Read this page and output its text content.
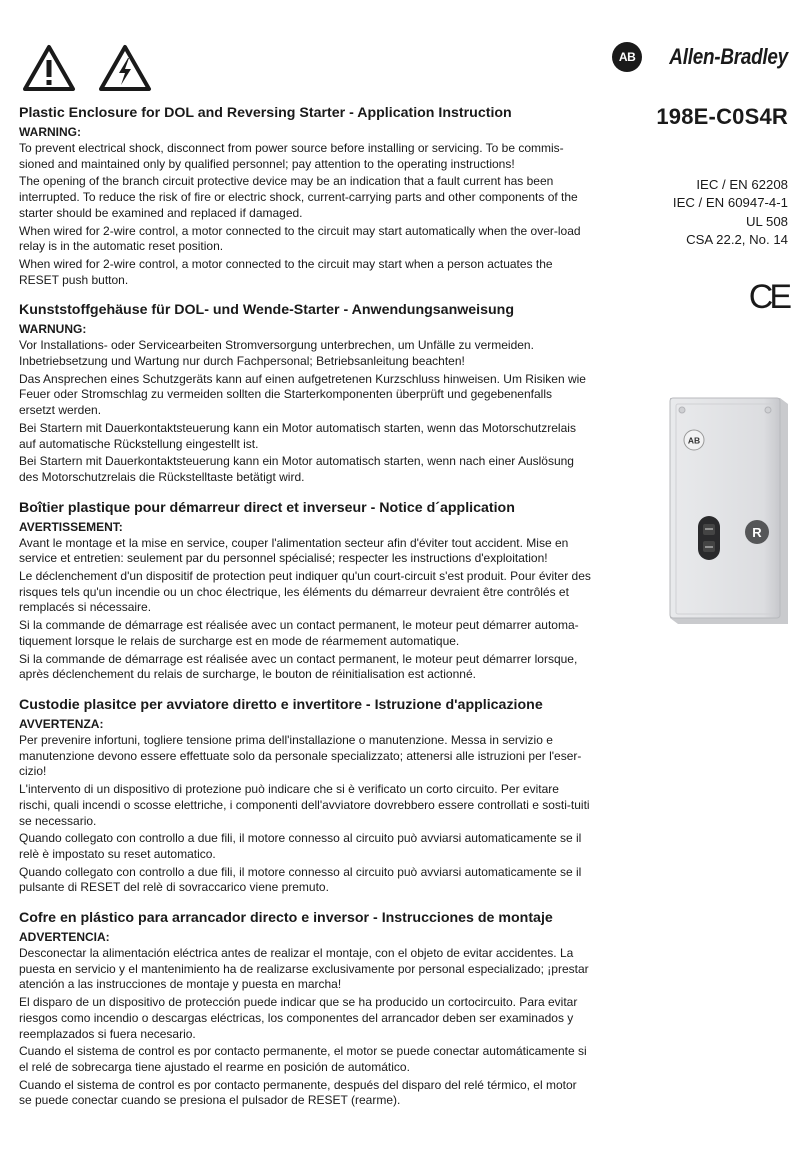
AB	Allen-Bradley
198E-C0S4R
IEC / EN 62208
IEC / EN 60947-4-1
UL 508
CSA 22.2, No. 14
CE
AB
R
Plastic Enclosure for DOL and Reversing Starter - Application Instruction
WARNING:

To prevent electrical shock, disconnect from power source before installing or servicing. To be commis-sioned and maintained only by qualified personnel; pay attention to the operating instructions!

The opening of the branch circuit protective device may be an indication that a fault current has been interrupted. To reduce the risk of fire or electric shock, current-carrying parts and other components of the starter should be examined and replaced if damaged.

When wired for 2-wire control, a motor connected to the circuit may start automatically when the over-load relay is in the automatic reset position.

When wired for 2-wire control, a motor connected to the circuit may start when a person actuates the RESET push button.

Kunststoffgehäuse für DOL- und Wende-Starter - Anwendungsanweisung
WARNUNG:

Vor Installations- oder Servicearbeiten Stromversorgung unterbrechen, um Unfälle zu vermeiden. Inbetriebsetzung und Wartung nur durch Fachpersonal; Betriebsanleitung beachten!

Das Ansprechen eines Schutzgeräts kann auf einen aufgetretenen Kurzschluss hinweisen. Um Risiken wie Feuer oder Stromschlag zu vermeiden sollten die Starterkomponenten überprüft und gegebenenfalls ersetzt werden.

Bei Startern mit Dauerkontaktsteuerung kann ein Motor automatisch starten, wenn das Motorschutzrelais auf automatische Rückstellung eingestellt ist.

Bei Startern mit Dauerkontaktsteuerung kann ein Motor automatisch starten, wenn nach einer Auslösung des Motorschutzrelais die Rückstelltaste betätigt wird.

Boîtier plastique pour démarreur direct et inverseur - Notice d´application
AVERTISSEMENT:

Avant le montage et la mise en service, couper l'alimentation secteur afin d'éviter tout accident. Mise en service et entretien: seulement par du personnel spécialisé; respecter les instructions d'exploitation!

Le déclenchement d'un dispositif de protection peut indiquer qu'un court-circuit s'est produit. Pour éviter des risques tels qu'un incendie ou un choc électrique, les éléments du démarreur devraient être contrôlés et remplacés si nécessaire.

Si la commande de démarrage est réalisée avec un contact permanent, le moteur peut démarrer automa-tiquement lorsque le relais de surcharge est en mode de réarmement automatique.

Si la commande de démarrage est réalisée avec un contact permanent, le moteur peut démarrer lorsque, après déclenchement du relais de surcharge, le bouton de réinitialisation est actionné.

Custodie plasitce per avviatore diretto e invertitore - Istruzione d'applicazione
AVVERTENZA:

Per prevenire infortuni, togliere tensione prima dell'installazione o manutenzione. Messa in servizio e manutenzione devono essere effettuate solo da personale specializzato; attenersi alle istruzioni per l'eser-cizio!

L'intervento di un dispositivo di protezione può indicare che si è verificato un corto circuito. Per evitare rischi, quali incendi o scosse elettriche, i componenti dell'avviatore dovrebbero essere controllati e sosti-tuiti se necessario.

Quando collegato con controllo a due fili, il motore connesso al circuito può avviarsi automaticamente se il relè è impostato su reset automatico.

Quando collegato con controllo a due fili, il motore connesso al circuito può avviarsi automaticamente se il pulsante di RESET del relè di sovraccarico viene premuto.

Cofre en plástico para arrancador directo e inversor - Instrucciones de montaje
ADVERTENCIA:

Desconectar la alimentación eléctrica antes de realizar el montaje, con el objeto de evitar accidentes. La puesta en servicio y el mantenimiento ha de realizarse exclusivamente por personal especializado; ¡prestar atención a las instrucciones de montaje y puesta en marcha!

El disparo de un dispositivo de protección puede indicar que se ha producido un cortocircuito. Para evitar riesgos como incendio o descargas eléctricas, los componentes del arrancador deben ser examinados y reemplazados si fuera necesario.

Cuando el sistema de control es por contacto permanente, el motor se puede conectar automáticamente si el relé de sobrecarga tiene ajustado el rearme en posición de automático.

Cuando el sistema de control es por contacto permanente, después del disparo del relé térmico, el motor se puede conectar cuando se presiona el pulsador de RESET (rearme).
